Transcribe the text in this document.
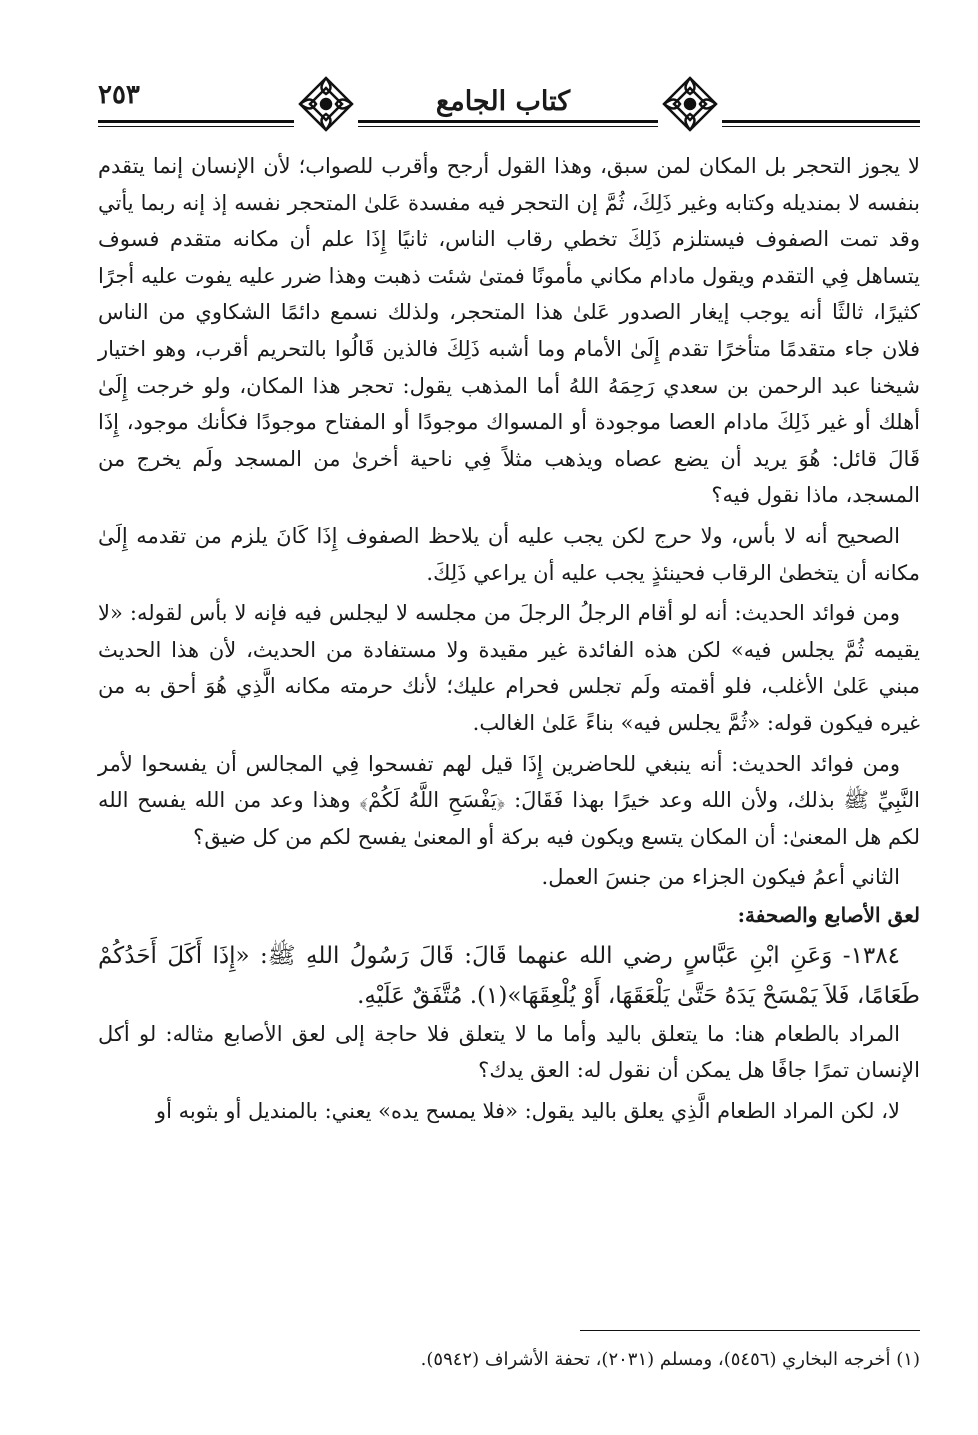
٢٥٣	كتاب الجامع

لا يجوز التحجر بل المكان لمن سبق، وهذا القول أرجح وأقرب للصواب؛ لأن الإنسان إنما يتقدم بنفسه لا بمنديله وكتابه وغير ذَلِكَ، ثُمَّ إن التحجر فيه مفسدة عَلىٰ المتحجر نفسه إذ إنه ربما يأتي وقد تمت الصفوف فيستلزم ذَلِكَ تخطي رقاب الناس، ثانيًا إِذَا علم أن مكانه متقدم فسوف يتساهل فِي التقدم ويقول مادام مكاني مأمونًا فمتىٰ شئت ذهبت وهذا ضرر عليه يفوت عليه أجرًا كثيرًا، ثالثًا أنه يوجب إيغار الصدور عَلىٰ هذا المتحجر، ولذلك نسمع دائمًا الشكاوي من الناس فلان جاء متقدمًا متأخرًا تقدم إِلَىٰ الأمام وما أشبه ذَلِكَ فالذين قَالُوا بالتحريم أقرب، وهو اختيار شيخنا عبد الرحمن بن سعدي رَحِمَهُ اللهُ أما المذهب يقول: تحجر هذا المكان، ولو خرجت إِلَىٰ أهلك أو غير ذَلِكَ مادام العصا موجودة أو المسواك موجودًا أو المفتاح موجودًا فكأنك موجود، إِذَا قَالَ قائل: هُوَ يريد أن يضع عصاه ويذهب مثلاً فِي ناحية أخرىٰ من المسجد ولَم يخرج من المسجد، ماذا نقول فيه؟

الصحيح أنه لا بأس، ولا حرج لكن يجب عليه أن يلاحظ الصفوف إِذَا كَانَ يلزم من تقدمه إِلَىٰ مكانه أن يتخطىٰ الرقاب فحينئذٍ يجب عليه أن يراعي ذَلِكَ.

ومن فوائد الحديث: أنه لو أقام الرجلُ الرجلَ من مجلسه لا ليجلس فيه فإنه لا بأس لقوله: «لا يقيمه ثُمَّ يجلس فيه» لكن هذه الفائدة غير مقيدة ولا مستفادة من الحديث، لأن هذا الحديث مبني عَلىٰ الأغلب، فلو أقمته ولَم تجلس فحرام عليك؛ لأنك حرمته مكانه الَّذِي هُوَ أحق به من غيره فيكون قوله: «ثُمَّ يجلس فيه» بناءً عَلىٰ الغالب.

ومن فوائد الحديث: أنه ينبغي للحاضرين إِذَا قيل لهم تفسحوا فِي المجالس أن يفسحوا لأمر النَّبِيِّ ﷺ بذلك، ولأن الله وعد خيرًا بهذا فَقَالَ: ﴿يَفْسَحِ اللَّهُ لَكُمْ﴾ وهذا وعد من الله يفسح الله لكم هل المعنىٰ: أن المكان يتسع ويكون فيه بركة أو المعنىٰ يفسح لكم من كل ضيق؟

الثاني أعمُ فيكون الجزاء من جنسَ العمل.

لعق الأصابع والصحفة:

١٣٨٤- وَعَنِ ابْنِ عَبَّاسٍ رضي الله عنهما قَالَ: قَالَ رَسُولُ اللهِ ﷺ: «إِذَا أَكَلَ أَحَدُكُمْ طَعَامًا، فَلاَ يَمْسَحْ يَدَهُ حَتَّىٰ يَلْعَقَهَا، أَوْ يُلْعِقَهَا»(١). مُتَّفَقٌ عَلَيْهِ.

المراد بالطعام هنا: ما يتعلق باليد وأما ما لا يتعلق فلا حاجة إلى لعق الأصابع مثاله: لو أكل الإنسان تمرًا جافًا هل يمكن أن نقول له: العق يدك؟

لا، لكن المراد الطعام الَّذِي يعلق باليد يقول: «فلا يمسح يده» يعني: بالمنديل أو بثوبه أو

(١) أخرجه البخاري (٥٤٥٦)، ومسلم (٢٠٣١)، تحفة الأشراف (٥٩٤٢).
